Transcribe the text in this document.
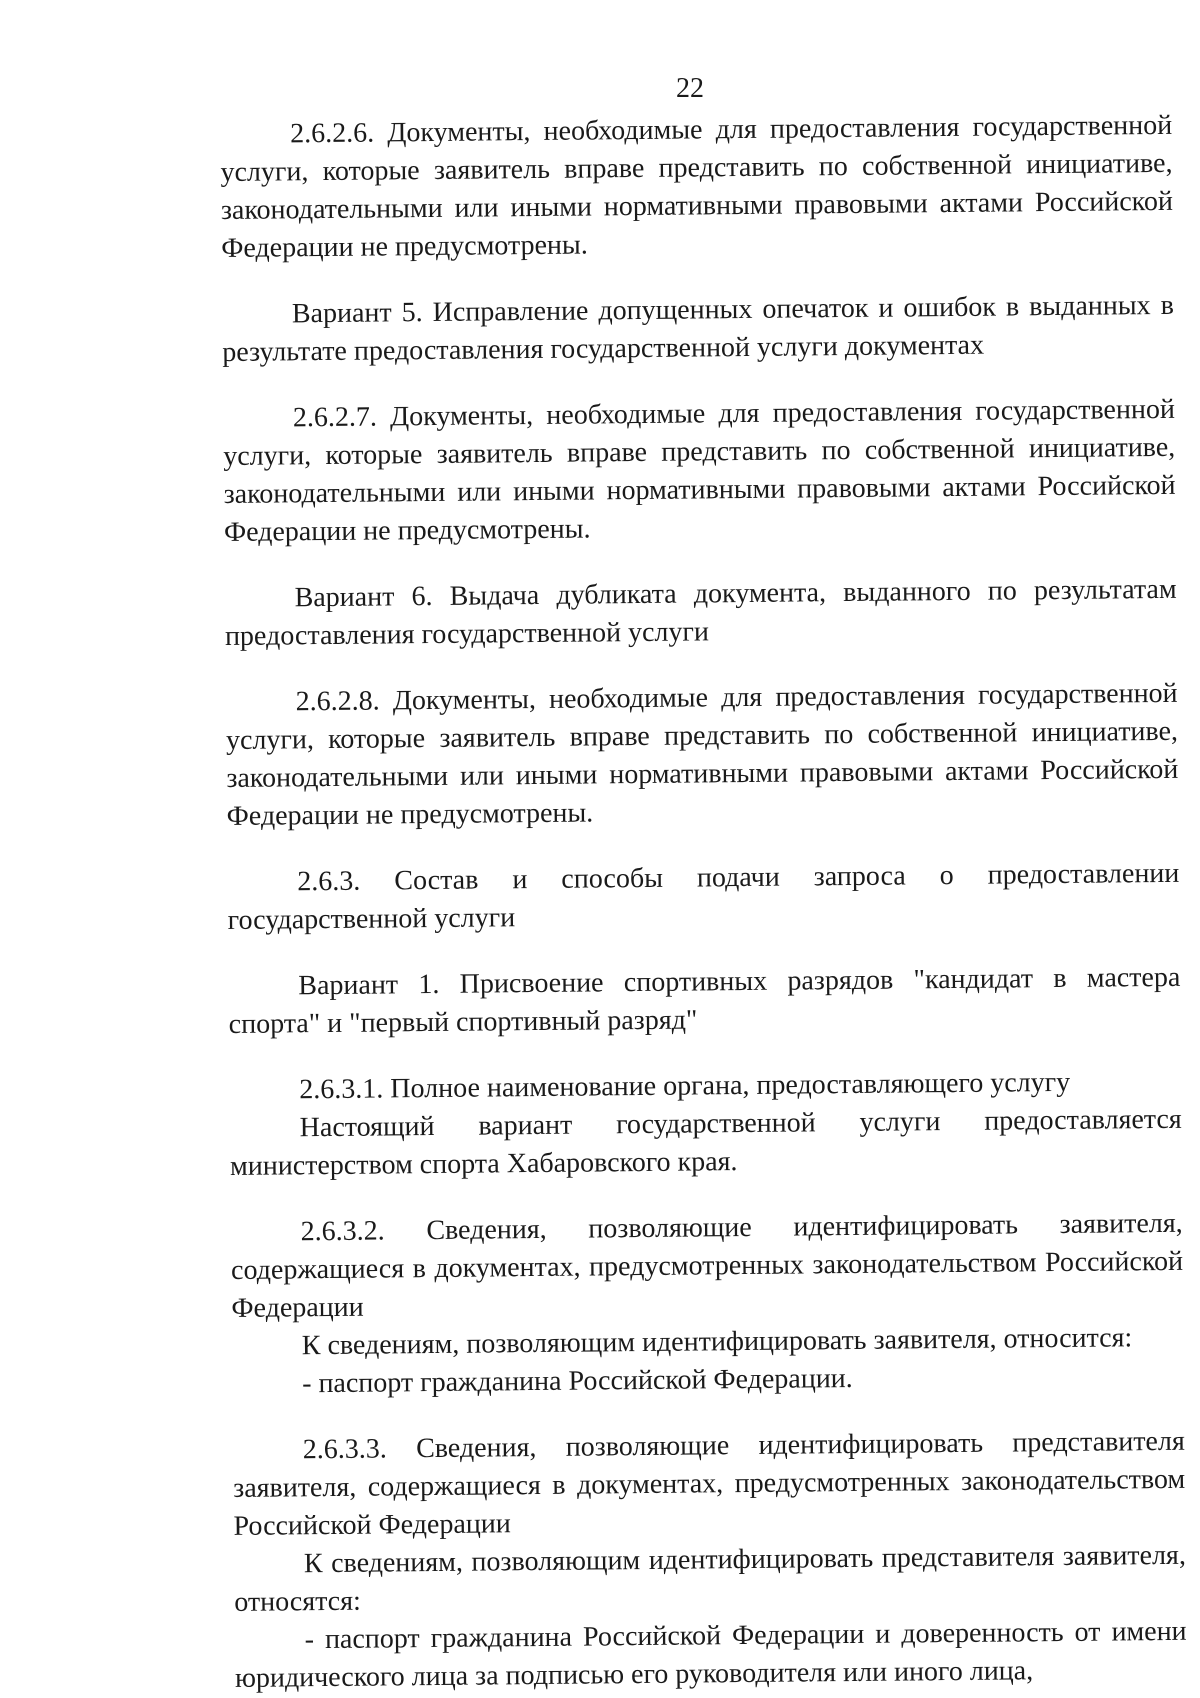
22

2.6.2.6. Документы, необходимые для предоставления государственной услуги, которые заявитель вправе представить по собственной инициативе, законодательными или иными нормативными правовыми актами Российской Федерации не предусмотрены.

Вариант 5. Исправление допущенных опечаток и ошибок в выданных в результате предоставления государственной услуги документах

2.6.2.7. Документы, необходимые для предоставления государственной услуги, которые заявитель вправе представить по собственной инициативе, законодательными или иными нормативными правовыми актами Российской Федерации не предусмотрены.

Вариант 6. Выдача дубликата документа, выданного по результатам предоставления государственной услуги

2.6.2.8. Документы, необходимые для предоставления государственной услуги, которые заявитель вправе представить по собственной инициативе, законодательными или иными нормативными правовыми актами Российской Федерации не предусмотрены.

2.6.3. Состав и способы подачи запроса о предоставлении государственной услуги

Вариант 1. Присвоение спортивных разрядов "кандидат в мастера спорта" и "первый спортивный разряд"

2.6.3.1. Полное наименование органа, предоставляющего услугу

Настоящий вариант государственной услуги предоставляется министерством спорта Хабаровского края.

2.6.3.2. Сведения, позволяющие идентифицировать заявителя, содержащиеся в документах, предусмотренных законодательством Российской Федерации

К сведениям, позволяющим идентифицировать заявителя, относится:

- паспорт гражданина Российской Федерации.

2.6.3.3. Сведения, позволяющие идентифицировать представителя заявителя, содержащиеся в документах, предусмотренных законодательством Российской Федерации

К сведениям, позволяющим идентифицировать представителя заявителя, относятся:

- паспорт гражданина Российской Федерации и доверенность от имени юридического лица за подписью его руководителя или иного лица,
